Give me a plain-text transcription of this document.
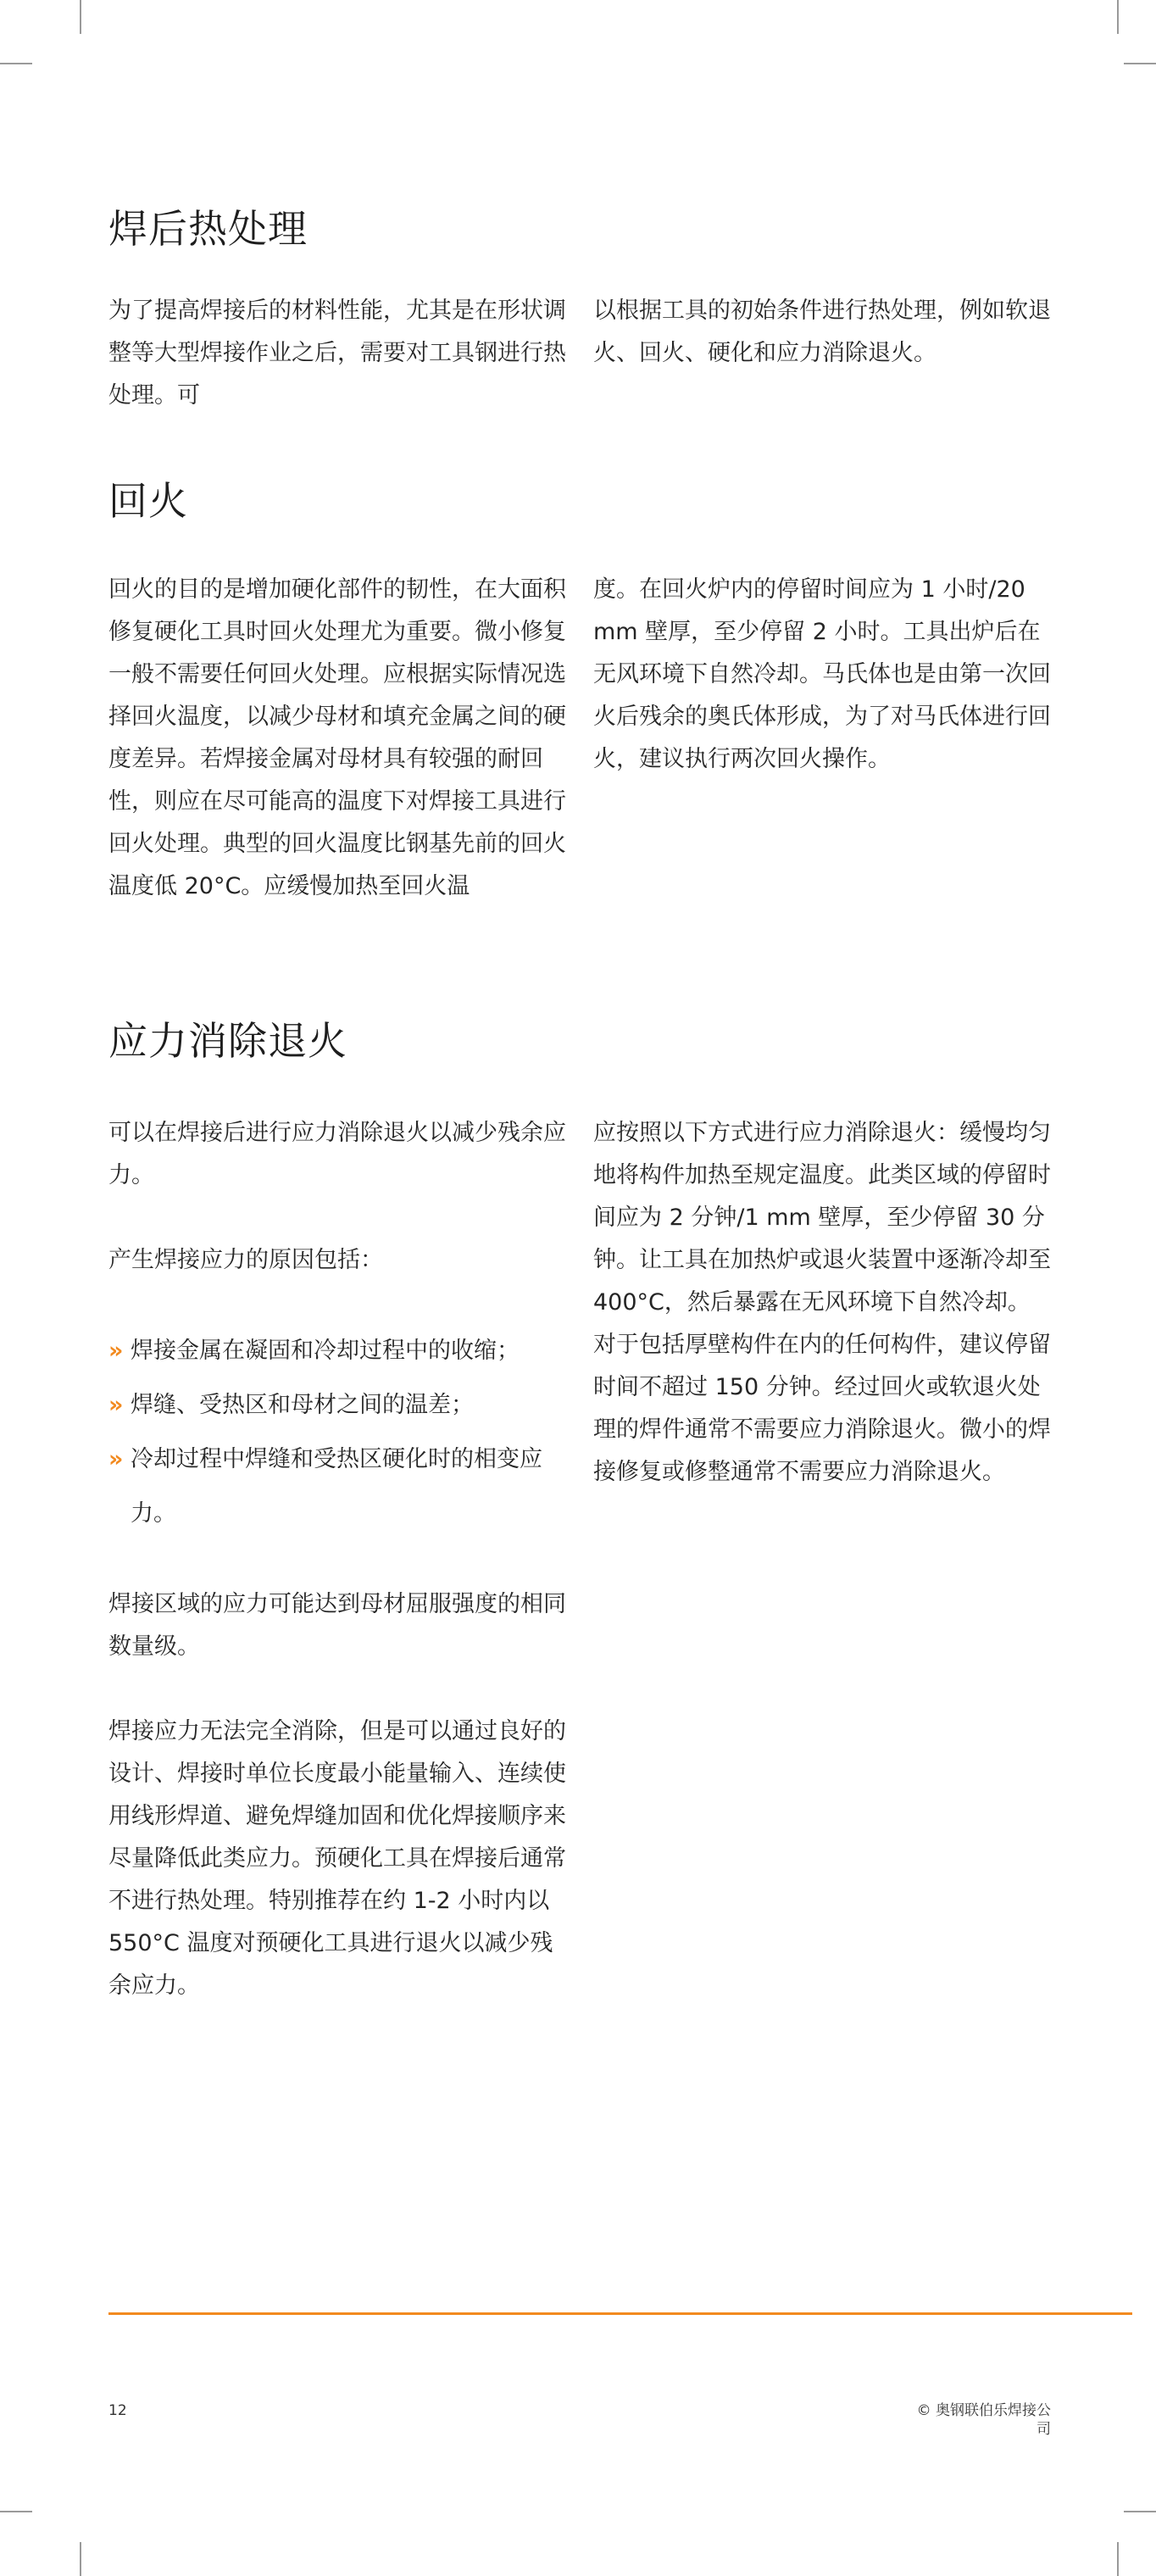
焊后热处理

为了提高焊接后的材料性能，尤其是在形状调整等大型焊接作业之后，需要对工具钢进行热处理。可

以根据工具的初始条件进行热处理，例如软退火、回火、硬化和应力消除退火。

回火

回火的目的是增加硬化部件的韧性，在大面积修复硬化工具时回火处理尤为重要。微小修复一般不需要任何回火处理。应根据实际情况选择回火温度，以减少母材和填充金属之间的硬度差异。若焊接金属对母材具有较强的耐回性，则应在尽可能高的温度下对焊接工具进行回火处理。典型的回火温度比钢基先前的回火温度低 20°C。应缓慢加热至回火温

度。在回火炉内的停留时间应为 1 小时/20 mm 壁厚，至少停留 2 小时。工具出炉后在无风环境下自然冷却。马氏体也是由第一次回火后残余的奥氏体形成，为了对马氏体进行回火，建议执行两次回火操作。

应力消除退火

可以在焊接后进行应力消除退火以减少残余应力。

产生焊接应力的原因包括：

» 焊接金属在凝固和冷却过程中的收缩；
» 焊缝、受热区和母材之间的温差；
» 冷却过程中焊缝和受热区硬化时的相变应力。

焊接区域的应力可能达到母材屈服强度的相同数量级。

焊接应力无法完全消除，但是可以通过良好的设计、焊接时单位长度最小能量输入、连续使用线形焊道、避免焊缝加固和优化焊接顺序来尽量降低此类应力。预硬化工具在焊接后通常不进行热处理。特别推荐在约 1-2 小时内以 550°C 温度对预硬化工具进行退火以减少残余应力。

应按照以下方式进行应力消除退火：缓慢均匀地将构件加热至规定温度。此类区域的停留时间应为 2 分钟/1 mm 壁厚，至少停留 30 分钟。让工具在加热炉或退火装置中逐渐冷却至 400°C，然后暴露在无风环境下自然冷却。对于包括厚壁构件在内的任何构件，建议停留时间不超过 150 分钟。经过回火或软退火处理的焊件通常不需要应力消除退火。微小的焊接修复或修整通常不需要应力消除退火。

12	© 奥钢联伯乐焊接公司
